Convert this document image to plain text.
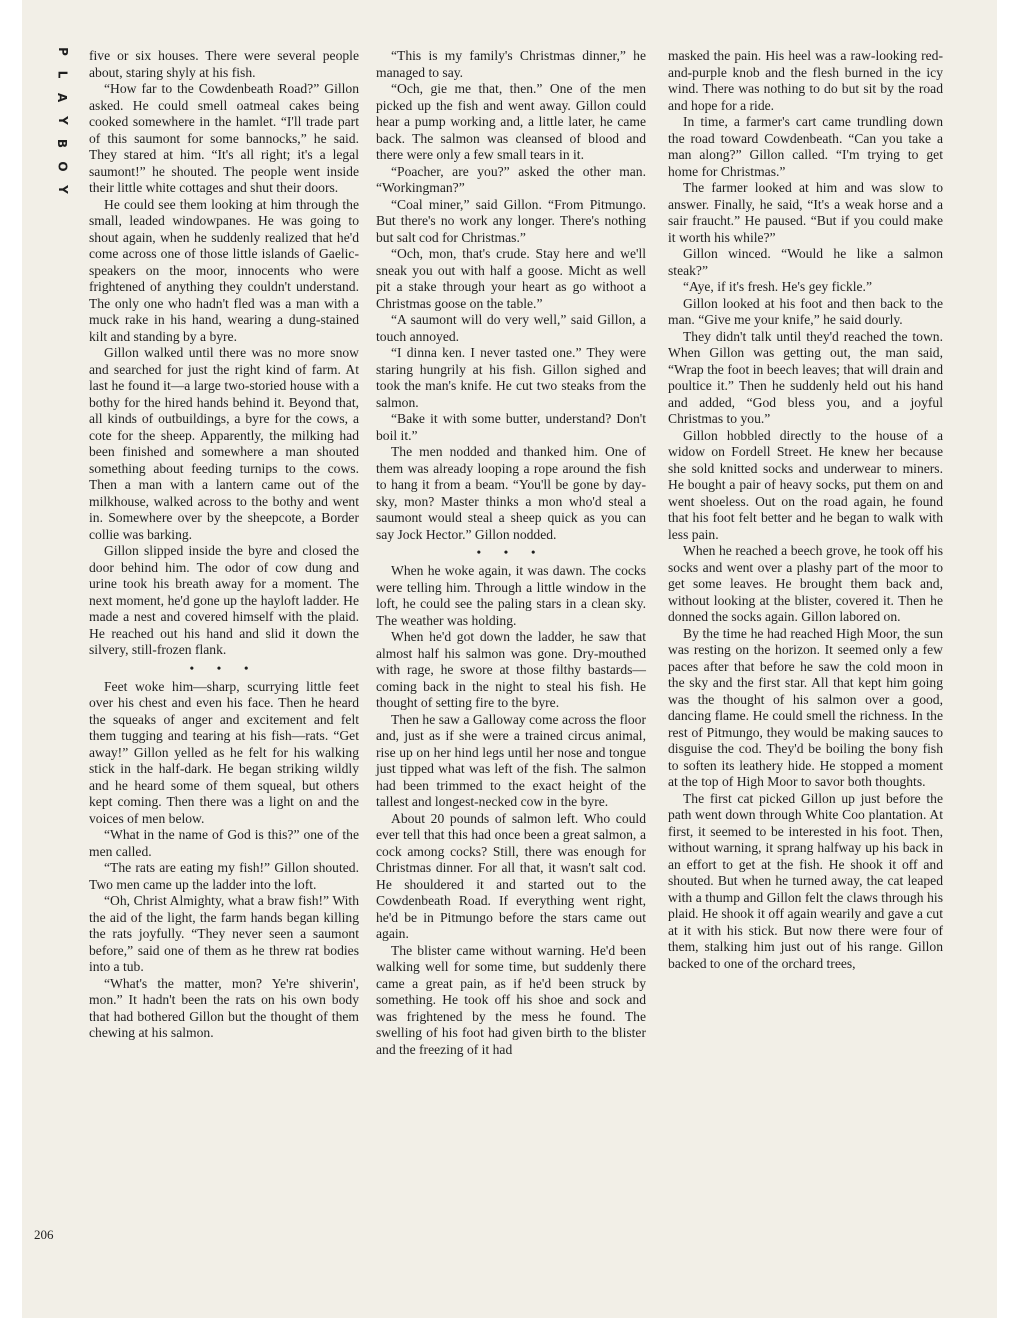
P
L
A
Y
B
O
Y

five or six houses. There were several people about, staring shyly at his fish.

“How far to the Cowdenbeath Road?” Gillon asked. He could smell oatmeal cakes being cooked somewhere in the hamlet. “I'll trade part of this saumont for some bannocks,” he said. They stared at him. “It's all right; it's a legal saumont!” he shouted. The people went inside their little white cottages and shut their doors.

He could see them looking at him through the small, leaded windowpanes. He was going to shout again, when he suddenly realized that he'd come across one of those little islands of Gaelic-speakers on the moor, innocents who were frightened of anything they couldn't understand. The only one who hadn't fled was a man with a muck rake in his hand, wearing a dung-stained kilt and standing by a byre.

Gillon walked until there was no more snow and searched for just the right kind of farm. At last he found it—a large two-storied house with a bothy for the hired hands behind it. Beyond that, all kinds of outbuildings, a byre for the cows, a cote for the sheep. Apparently, the milking had been finished and somewhere a man shouted something about feeding turnips to the cows. Then a man with a lantern came out of the milkhouse, walked across to the bothy and went in. Somewhere over by the sheepcote, a Border collie was barking.

Gillon slipped inside the byre and closed the door behind him. The odor of cow dung and urine took his breath away for a moment. The next moment, he'd gone up the hayloft ladder. He made a nest and covered himself with the plaid. He reached out his hand and slid it down the silvery, still-frozen flank.

• • •

Feet woke him—sharp, scurrying little feet over his chest and even his face. Then he heard the squeaks of anger and excitement and felt them tugging and tearing at his fish—rats. “Get away!” Gillon yelled as he felt for his walking stick in the half-dark. He began striking wildly and he heard some of them squeal, but others kept coming. Then there was a light on and the voices of men below.

“What in the name of God is this?” one of the men called.

“The rats are eating my fish!” Gillon shouted. Two men came up the ladder into the loft.

“Oh, Christ Almighty, what a braw fish!” With the aid of the light, the farm hands began killing the rats joyfully. “They never seen a saumont before,” said one of them as he threw rat bodies into a tub.

“What's the matter, mon? Ye're shiverin', mon.” It hadn't been the rats on his own body that had bothered Gillon but the thought of them chewing at his salmon.

“This is my family's Christmas dinner,” he managed to say.

“Och, gie me that, then.” One of the men picked up the fish and went away. Gillon could hear a pump working and, a little later, he came back. The salmon was cleansed of blood and there were only a few small tears in it.

“Poacher, are you?” asked the other man. “Workingman?”

“Coal miner,” said Gillon. “From Pitmungo. But there's no work any longer. There's nothing but salt cod for Christmas.”

“Och, mon, that's crude. Stay here and we'll sneak you out with half a goose. Micht as well pit a stake through your heart as go withoot a Christmas goose on the table.”

“A saumont will do very well,” said Gillon, a touch annoyed.

“I dinna ken. I never tasted one.” They were staring hungrily at his fish. Gillon sighed and took the man's knife. He cut two steaks from the salmon.

“Bake it with some butter, understand? Don't boil it.”

The men nodded and thanked him. One of them was already looping a rope around the fish to hang it from a beam. “You'll be gone by day-sky, mon? Master thinks a mon who'd steal a saumont would steal a sheep quick as you can say Jock Hector.” Gillon nodded.

• • •

When he woke again, it was dawn. The cocks were telling him. Through a little window in the loft, he could see the paling stars in a clean sky. The weather was holding.

When he'd got down the ladder, he saw that almost half his salmon was gone. Dry-mouthed with rage, he swore at those filthy bastards—coming back in the night to steal his fish. He thought of setting fire to the byre.

Then he saw a Galloway come across the floor and, just as if she were a trained circus animal, rise up on her hind legs until her nose and tongue just tipped what was left of the fish. The salmon had been trimmed to the exact height of the tallest and longest-necked cow in the byre.

About 20 pounds of salmon left. Who could ever tell that this had once been a great salmon, a cock among cocks? Still, there was enough for Christmas dinner. For all that, it wasn't salt cod. He shouldered it and started out to the Cowdenbeath Road. If everything went right, he'd be in Pitmungo before the stars came out again.

The blister came without warning. He'd been walking well for some time, but suddenly there came a great pain, as if he'd been struck by something. He took off his shoe and sock and was frightened by the mess he found. The swelling of his foot had given birth to the blister and the freezing of it had

masked the pain. His heel was a raw-looking red-and-purple knob and the flesh burned in the icy wind. There was nothing to do but sit by the road and hope for a ride.

In time, a farmer's cart came trundling down the road toward Cowdenbeath. “Can you take a man along?” Gillon called. “I'm trying to get home for Christmas.”

The farmer looked at him and was slow to answer. Finally, he said, “It's a weak horse and a sair fraucht.” He paused. “But if you could make it worth his while?”

Gillon winced. “Would he like a salmon steak?”

“Aye, if it's fresh. He's gey fickle.”

Gillon looked at his foot and then back to the man. “Give me your knife,” he said dourly.

They didn't talk until they'd reached the town. When Gillon was getting out, the man said, “Wrap the foot in beech leaves; that will drain and poultice it.” Then he suddenly held out his hand and added, “God bless you, and a joyful Christmas to you.”

Gillon hobbled directly to the house of a widow on Fordell Street. He knew her because she sold knitted socks and underwear to miners. He bought a pair of heavy socks, put them on and went shoeless. Out on the road again, he found that his foot felt better and he began to walk with less pain.

When he reached a beech grove, he took off his socks and went over a plashy part of the moor to get some leaves. He brought them back and, without looking at the blister, covered it. Then he donned the socks again. Gillon labored on.

By the time he had reached High Moor, the sun was resting on the horizon. It seemed only a few paces after that before he saw the cold moon in the sky and the first star. All that kept him going was the thought of his salmon over a good, dancing flame. He could smell the richness. In the rest of Pitmungo, they would be making sauces to disguise the cod. They'd be boiling the bony fish to soften its leathery hide. He stopped a moment at the top of High Moor to savor both thoughts.

The first cat picked Gillon up just before the path went down through White Coo plantation. At first, it seemed to be interested in his foot. Then, without warning, it sprang halfway up his back in an effort to get at the fish. He shook it off and shouted. But when he turned away, the cat leaped with a thump and Gillon felt the claws through his plaid. He shook it off again wearily and gave a cut at it with his stick. But now there were four of them, stalking him just out of his range. Gillon backed to one of the orchard trees,

206
